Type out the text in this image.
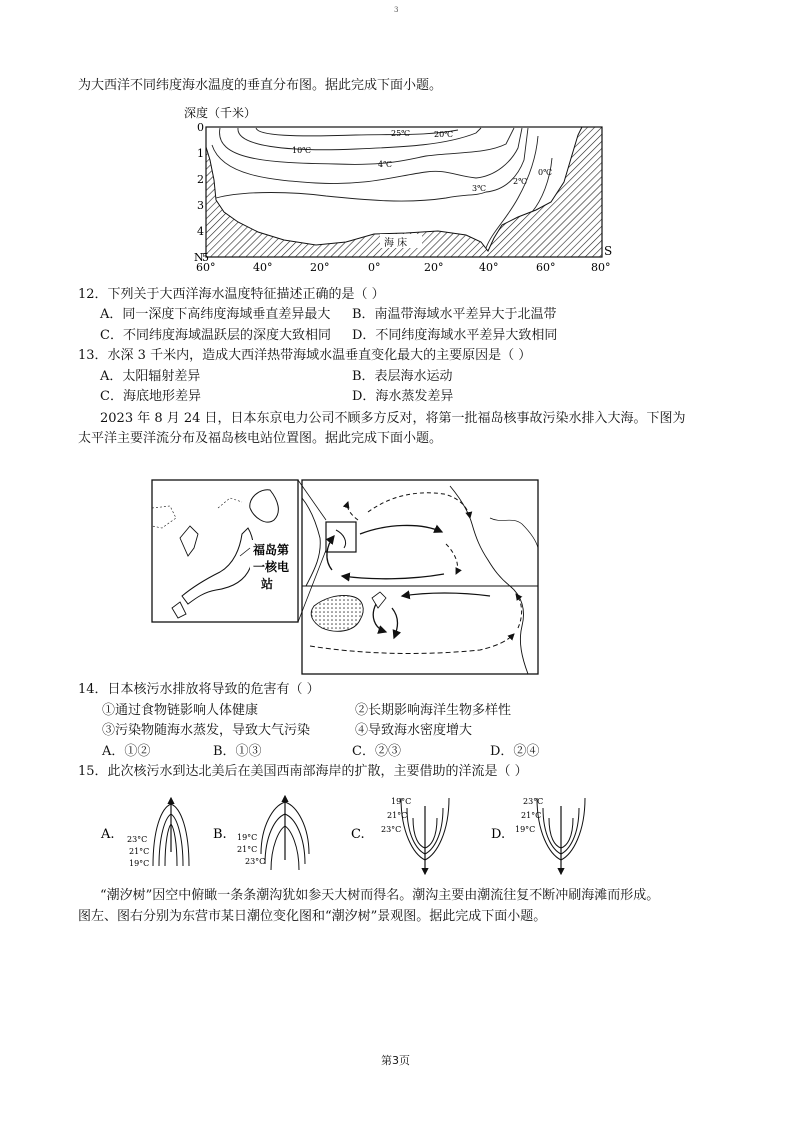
3
为大西洋不同纬度海水温度的垂直分布图。据此完成下面小题。
深度（千米）
海 床
25℃	20℃
10℃
4℃
3℃
2℃
0℃
0
1
2
3
4
N
5	S
60°	40°	20°	0°	20°	40°	60°	80°
12．下列关于大西洋海水温度特征描述正确的是（ ）
A．同一深度下高纬度海域垂直差异最大 B．南温带海域水平差异大于北温带
C．不同纬度海域温跃层的深度大致相同 D．不同纬度海域水平差异大致相同
13．水深 3 千米内，造成大西洋热带海域水温垂直变化最大的主要原因是（ ）
A．太阳辐射差异	B．表层海水运动
C．海底地形差异	D．海水蒸发差异
2023 年 8 月 24 日，日本东京电力公司不顾多方反对，将第一批福岛核事故污染水排入大海。下图为
太平洋主要洋流分布及福岛核电站位置图。据此完成下面小题。
福岛第
一核电
站
14．日本核污水排放将导致的危害有（ ）
①通过食物链影响人体健康	②长期影响海洋生物多样性
③污染物随海水蒸发，导致大气污染	④导致海水密度增大
A．①②	B．①③	C．②③	D．②④
15．此次核污水到达北美后在美国西南部海岸的扩散，主要借助的洋流是（ ）
A. 23°C
21°C
19°C
B. 19°C
21°C
23°C
C.
19°C
21°C
23°C	D.
23°C
21°C
19°C
“潮汐树”因空中俯瞰一条条潮沟犹如参天大树而得名。潮沟主要由潮流往复不断冲刷海滩而形成。
图左、图右分别为东营市某日潮位变化图和“潮汐树”景观图。据此完成下面小题。
第3页
